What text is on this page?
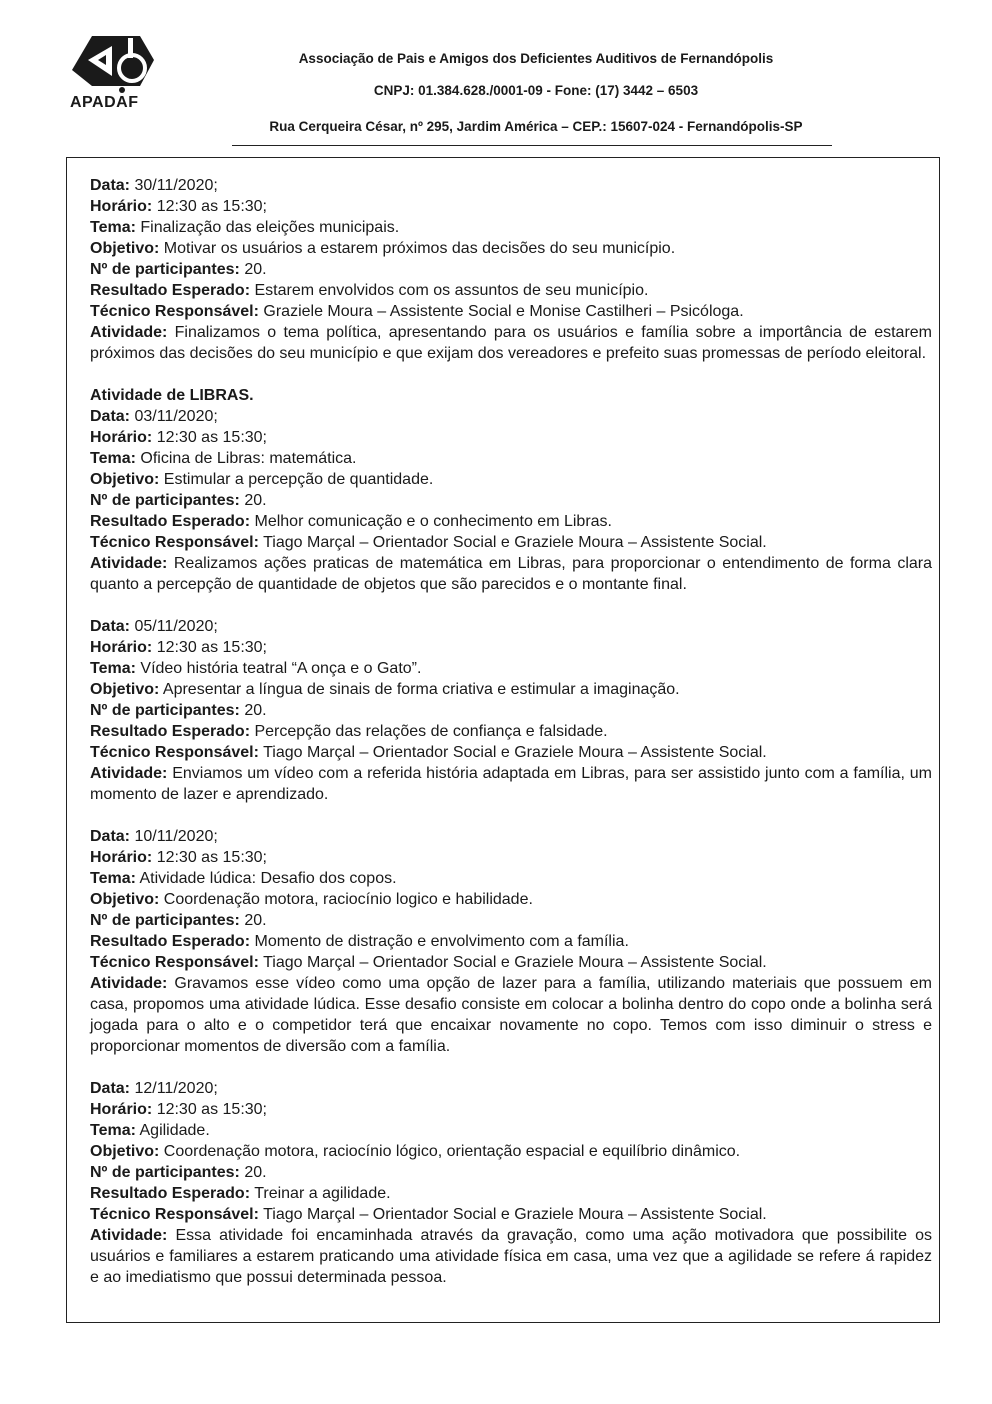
APADAF
Associação de Pais e Amigos dos Deficientes Auditivos de Fernandópolis
CNPJ: 01.384.628./0001-09 - Fone: (17) 3442 – 6503
Rua Cerqueira César, nº 295, Jardim América – CEP.: 15607-024 - Fernandópolis-SP
Data: 30/11/2020;
Horário: 12:30 as 15:30;
Tema: Finalização das eleições municipais.
Objetivo: Motivar os usuários a estarem próximos das decisões do seu município.
Nº de participantes: 20.
Resultado Esperado: Estarem envolvidos com os assuntos de seu município.
Técnico Responsável: Graziele Moura – Assistente Social e Monise Castilheri – Psicóloga.
Atividade: Finalizamos o tema política, apresentando para os usuários e família sobre a importância de estarem próximos das decisões do seu município e que exijam dos vereadores e prefeito suas promessas de período eleitoral.
Atividade de LIBRAS.
Data: 03/11/2020;
Horário: 12:30 as 15:30;
Tema: Oficina de Libras: matemática.
Objetivo: Estimular a percepção de quantidade.
Nº de participantes: 20.
Resultado Esperado: Melhor comunicação e o conhecimento em Libras.
Técnico Responsável: Tiago Marçal – Orientador Social e Graziele Moura – Assistente Social.
Atividade: Realizamos ações praticas de matemática em Libras, para proporcionar o entendimento de forma clara quanto a percepção de quantidade de objetos que são parecidos e o montante final.
Data: 05/11/2020;
Horário: 12:30 as 15:30;
Tema: Vídeo história teatral “A onça e o Gato”.
Objetivo: Apresentar a língua de sinais de forma criativa e estimular a imaginação.
Nº de participantes: 20.
Resultado Esperado: Percepção das relações de confiança e falsidade.
Técnico Responsável: Tiago Marçal – Orientador Social e Graziele Moura – Assistente Social.
Atividade: Enviamos um vídeo com a referida história adaptada em Libras, para ser assistido junto com a família, um momento de lazer e aprendizado.
Data: 10/11/2020;
Horário: 12:30 as 15:30;
Tema: Atividade lúdica: Desafio dos copos.
Objetivo: Coordenação motora, raciocínio logico e habilidade.
Nº de participantes: 20.
Resultado Esperado: Momento de distração e envolvimento com a família.
Técnico Responsável: Tiago Marçal – Orientador Social e Graziele Moura – Assistente Social.
Atividade: Gravamos esse vídeo como uma opção de lazer para a família, utilizando materiais que possuem em casa, propomos uma atividade lúdica. Esse desafio consiste em colocar a bolinha dentro do copo onde a bolinha será jogada para o alto e o competidor terá que encaixar novamente no copo. Temos com isso diminuir o stress e proporcionar momentos de diversão com a família.
Data: 12/11/2020;
Horário: 12:30 as 15:30;
Tema: Agilidade.
Objetivo: Coordenação motora, raciocínio lógico, orientação espacial e equilíbrio dinâmico.
Nº de participantes: 20.
Resultado Esperado: Treinar a agilidade.
Técnico Responsável: Tiago Marçal – Orientador Social e Graziele Moura – Assistente Social.
Atividade: Essa atividade foi encaminhada através da gravação, como uma ação motivadora que possibilite os usuários e familiares a estarem praticando uma atividade física em casa, uma vez que a agilidade se refere á rapidez e ao imediatismo que possui determinada pessoa.
